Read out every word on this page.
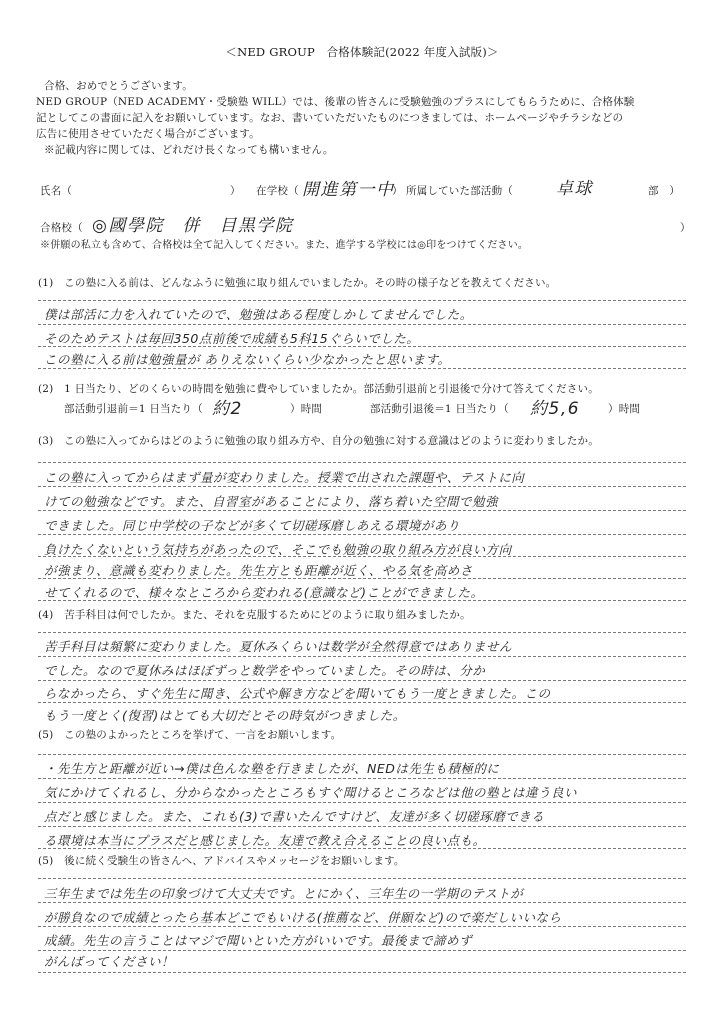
＜NED GROUP　合格体験記(2022 年度入試版)＞

合格、おめでとうございます。

NED GROUP（NED ACADEMY・受験塾 WILL）では、後輩の皆さんに受験勉強のプラスにしてもらうために、合格体験

記としてこの書面に記入をお願いしています。なお、書いていただいたものにつきましては、ホームページやチラシなどの

広告に使用させていただく場合がございます。

※記載内容に関しては、どれだけ長くなっても構いません。

氏名（	） 在学校（ 開進第一中
） 所属していた部活動（	卓球	部　）
合格校（ ◎國學院　併　目黒学院	）
※併願の私立も含めて、合格校は全て記入してください。また、進学する学校には◎印をつけてください。
(1)　この塾に入る前は、どんなふうに勉強に取り組んでいましたか。その時の様子などを教えてください。
僕は部活に力を入れていたので、勉強はある程度しかしてませんでした。
そのためテストは毎回350点前後で成績も5科15ぐらいでした。
この塾に入る前は勉強量が ありえないくらい少なかったと思います。
(2)　1 日当たり、どのくらいの時間を勉強に費やしていましたか。部活動引退前と引退後で分けて答えてください。
部活動引退前＝1 日当たり（ 約2	）時間	部活動引退後＝1 日当たり（ 約5,6	）時間
(3)　この塾に入ってからはどのように勉強の取り組み方や、自分の勉強に対する意識はどのように変わりましたか。
この塾に入ってからはまず量が変わりました。授業で出された課題や、テストに向
けての勉強などです。また、自習室があることにより、落ち着いた空間で勉強
できました。同じ中学校の子などが多くて切磋琢磨しあえる環境があり
負けたくないという気持ちがあったので、そこでも勉強の取り組み方が良い方向
が強まり、意識も変わりました。先生方とも距離が近く、やる気を高めさ
せてくれるので、様々なところから変われる(意識など)ことができました。
(4)　苦手科目は何でしたか。また、それを克服するためにどのように取り組みましたか。
苦手科目は頻繁に変わりました。夏休みくらいは数学が全然得意ではありません
でした。なので夏休みはほぼずっと数学をやっていました。その時は、分か
らなかったら、すぐ先生に聞き、公式や解き方などを聞いてもう一度ときました。この
もう一度とく(復習)はとても大切だとその時気がつきました。
(5)　この塾のよかったところを挙げて、一言をお願いします。
・先生方と距離が近い→僕は色んな塾を行きましたが、NEDは先生も積極的に
気にかけてくれるし、分からなかったところもすぐ聞けるところなどは他の塾とは違う良い
点だと感じました。また、これも(3)で書いたんですけど、友達が多く切磋琢磨できる
る環境は本当にプラスだと感じました。友達で教え合えることの良い点も。
(5)　後に続く受験生の皆さんへ、アドバイスやメッセージをお願いします。
三年生までは先生の印象づけて大丈夫です。とにかく、三年生の一学期のテストが
が勝負なので成績とったら基本どこでもいける(推薦など、併願など)ので楽だしいいなら
成績。先生の言うことはマジで聞いといた方がいいです。最後まで諦めず
がんばってください！
